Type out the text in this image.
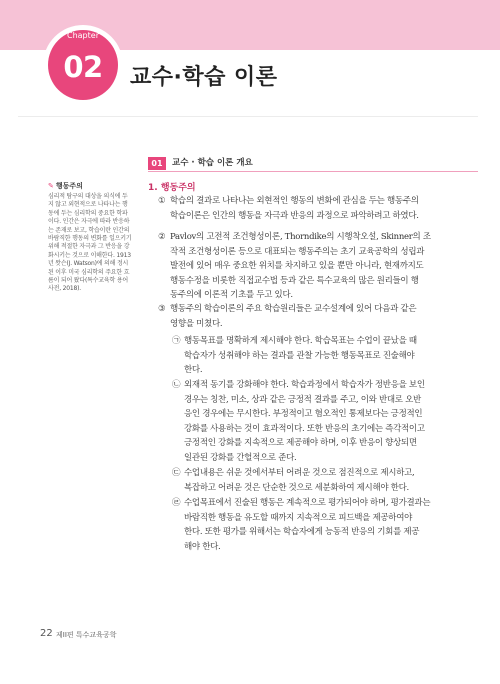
Chapter
02	교수·학습 이론
✎ 행동주의
심리적 탐구의 대상을 의식에 두
지 않고 외현적으로 나타나는 행
동에 두는 심리학의 중요한 학파
이다. 인간은 자극에 따라 반응하
는 존재로 보고, 학습이란 인간의
바람직한 행동의 변화를 일으키기
위해 적절한 자극과 그 반응을 강
화시키는 것으로 이해한다. 1913
년 왓슨(J. Watson)에 의해 정시
된 이후 미국 심리학의 주요한 흐
름이 되어 왔다(특수교육학 용어
사전, 2018).
01	교수 · 학습 이론 개요
1. 행동주의
① 학습의 결과로 나타나는 외현적인 행동의 변화에 관심을 두는 행동주의
학습이론은 인간의 행동을 자극과 반응의 과정으로 파악하려고 하였다.
② Pavlov의 고전적 조건형성이론, Thorndike의 시행착오설, Skinner의 조
작적 조건형성이론 등으로 대표되는 행동주의는 초기 교육공학의 성립과
발전에 있어 매우 중요한 위치를 차지하고 있을 뿐만 아니라, 현재까지도
행동수정을 비롯한 직접교수법 등과 같은 특수교육의 많은 원리들이 행
동주의에 이론적 기초를 두고 있다.
③ 행동주의 학습이론의 주요 학습원리들은 교수설계에 있어 다음과 같은
영향을 미쳤다.
㉠ 행동목표를 명확하게 제시해야 한다. 학습목표는 수업이 끝났을 때
학습자가 성취해야 하는 결과를 관찰 가능한 행동목표로 진술해야
한다.
㉡ 외재적 동기를 강화해야 한다. 학습과정에서 학습자가 정반응을 보인
경우는 칭찬, 미소, 상과 같은 긍정적 결과를 주고, 이와 반대로 오반
응인 경우에는 무시한다. 부정적이고 혐오적인 통제보다는 긍정적인
강화를 사용하는 것이 효과적이다. 또한 반응의 초기에는 즉각적이고
긍정적인 강화를 지속적으로 제공해야 하며, 이후 반응이 향상되면
일관된 강화를 간헐적으로 준다.
㉢ 수업내용은 쉬운 것에서부터 어려운 것으로 점진적으로 제시하고,
복잡하고 어려운 것은 단순한 것으로 세분화하여 제시해야 한다.
㉣ 수업목표에서 진술된 행동은 계속적으로 평가되어야 하며, 평가결과는
바람직한 행동을 유도할 때까지 지속적으로 피드백을 제공하여야
한다. 또한 평가를 위해서는 학습자에게 능동적 반응의 기회를 제공
해야 한다.
22 제II편 특수교육공학
